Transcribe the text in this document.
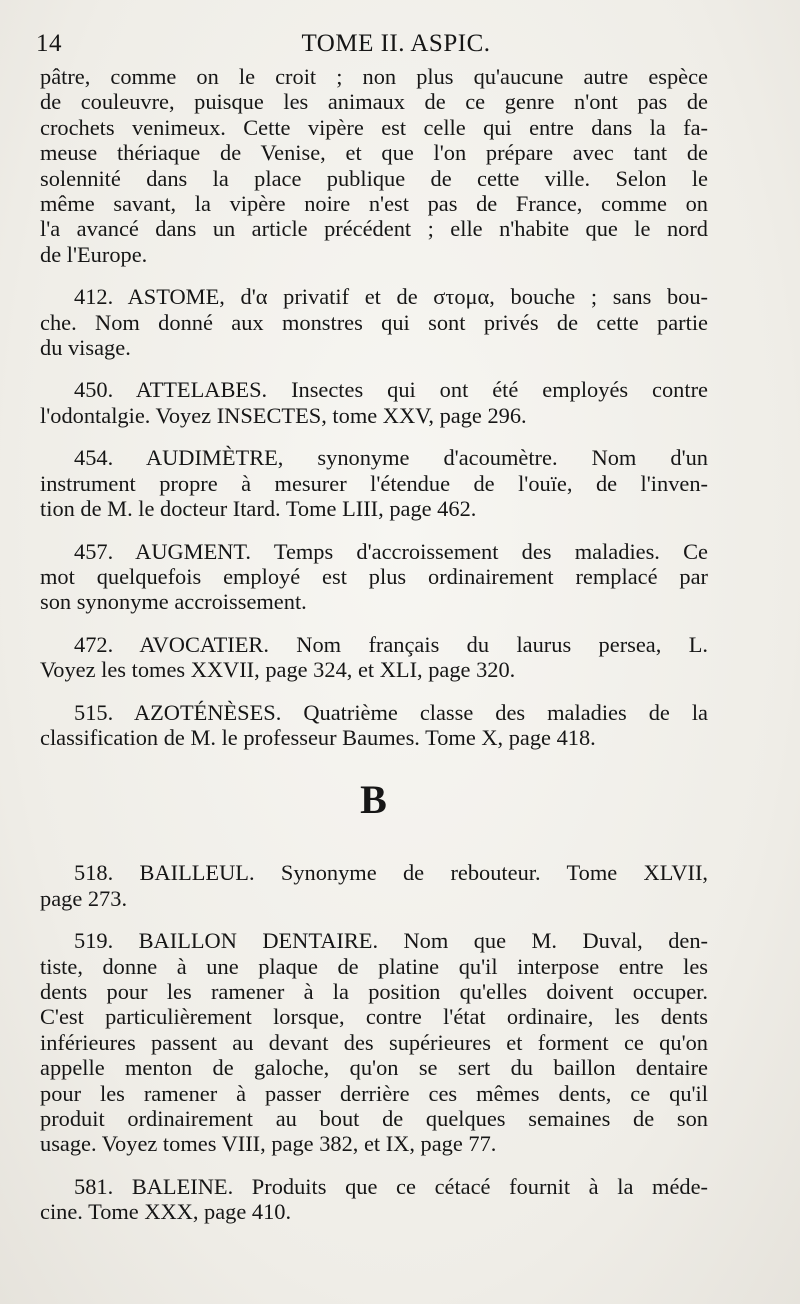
14	TOME II. ASPIC.
pâtre, comme on le croit ; non plus qu'aucune autre espèce
de couleuvre, puisque les animaux de ce genre n'ont pas de
crochets venimeux. Cette vipère est celle qui entre dans la fa-
meuse thériaque de Venise, et que l'on prépare avec tant de
solennité dans la place publique de cette ville. Selon le
même savant, la vipère noire n'est pas de France, comme on
l'a avancé dans un article précédent ; elle n'habite que le nord
de l'Europe.
412. ASTOME, d'α privatif et de στομα, bouche ; sans bou-
che. Nom donné aux monstres qui sont privés de cette partie
du visage.
450. ATTELABES. Insectes qui ont été employés contre
l'odontalgie. Voyez INSECTES, tome XXV, page 296.
454. AUDIMÈTRE, synonyme d'acoumètre. Nom d'un
instrument propre à mesurer l'étendue de l'ouïe, de l'inven-
tion de M. le docteur Itard. Tome LIII, page 462.
457. AUGMENT. Temps d'accroissement des maladies. Ce
mot quelquefois employé est plus ordinairement remplacé par
son synonyme accroissement.
472. AVOCATIER. Nom français du laurus persea, L.
Voyez les tomes XXVII, page 324, et XLI, page 320.
515. AZOTÉNÈSES. Quatrième classe des maladies de la
classification de M. le professeur Baumes. Tome X, page 418.
B
518. BAILLEUL. Synonyme de rebouteur. Tome XLVII,
page 273.
519. BAILLON DENTAIRE. Nom que M. Duval, den-
tiste, donne à une plaque de platine qu'il interpose entre les
dents pour les ramener à la position qu'elles doivent occuper.
C'est particulièrement lorsque, contre l'état ordinaire, les dents
inférieures passent au devant des supérieures et forment ce qu'on
appelle menton de galoche, qu'on se sert du baillon dentaire
pour les ramener à passer derrière ces mêmes dents, ce qu'il
produit ordinairement au bout de quelques semaines de son
usage. Voyez tomes VIII, page 382, et IX, page 77.
581. BALEINE. Produits que ce cétacé fournit à la méde-
cine. Tome XXX, page 410.
